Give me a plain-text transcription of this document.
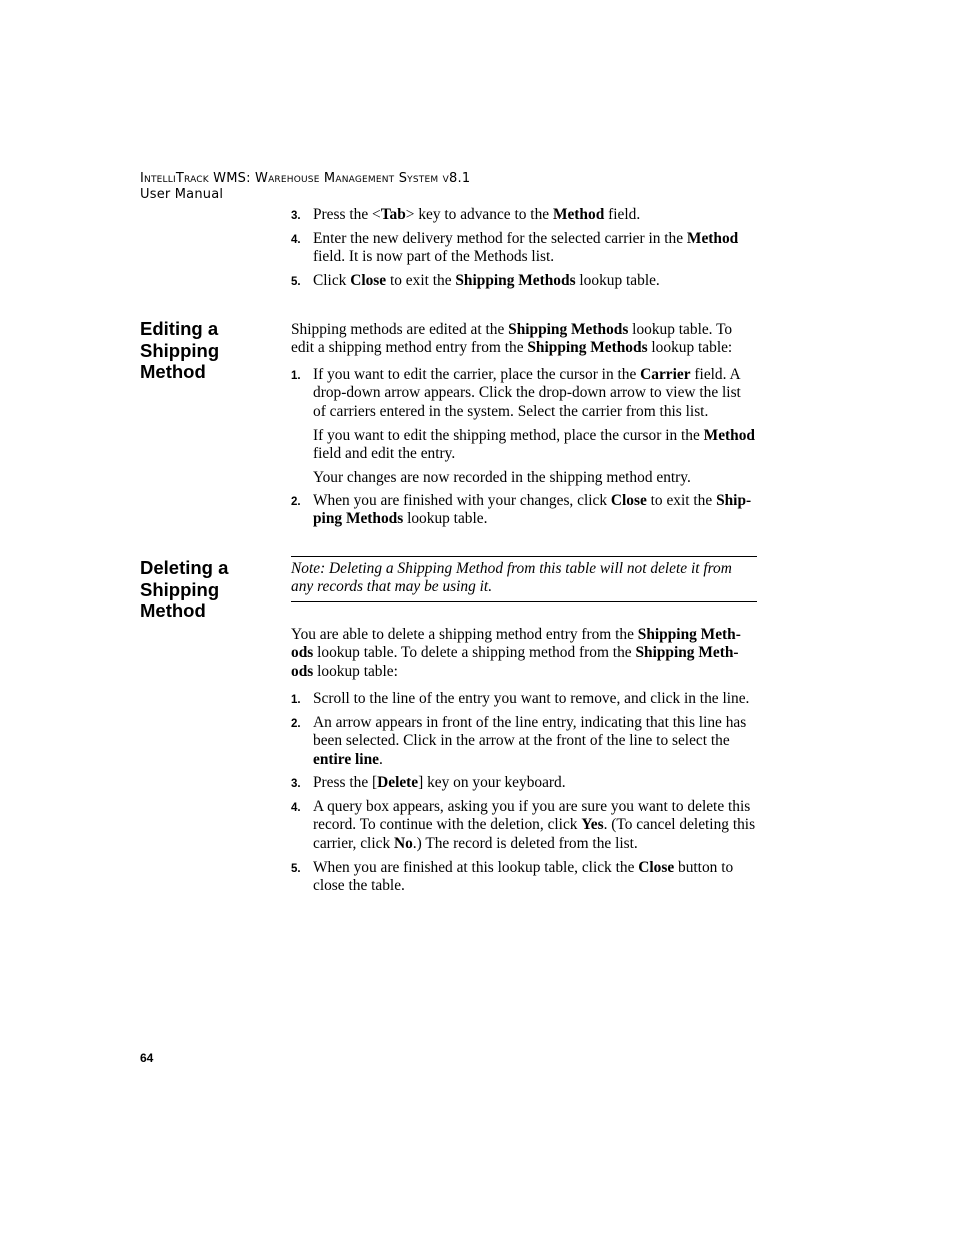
IntelliTrack WMS: Warehouse Management System v8.1
User Manual
3. Press the <Tab> key to advance to the Method field.
4. Enter the new delivery method for the selected carrier in the Method field. It is now part of the Methods list.
5. Click Close to exit the Shipping Methods lookup table.
Editing a Shipping Method
Shipping methods are edited at the Shipping Methods lookup table. To edit a shipping method entry from the Shipping Methods lookup table:
1. If you want to edit the carrier, place the cursor in the Carrier field. A drop-down arrow appears. Click the drop-down arrow to view the list of carriers entered in the system. Select the carrier from this list.
If you want to edit the shipping method, place the cursor in the Method field and edit the entry.
Your changes are now recorded in the shipping method entry.
2. When you are finished with your changes, click Close to exit the Ship-ping Methods lookup table.
Deleting a Shipping Method
Note: Deleting a Shipping Method from this table will not delete it from any records that may be using it.
You are able to delete a shipping method entry from the Shipping Meth-ods lookup table. To delete a shipping method from the Shipping Meth-ods lookup table:
1. Scroll to the line of the entry you want to remove, and click in the line.
2. An arrow appears in front of the line entry, indicating that this line has been selected. Click in the arrow at the front of the line to select the entire line.
3. Press the [Delete] key on your keyboard.
4. A query box appears, asking you if you are sure you want to delete this record. To continue with the deletion, click Yes. (To cancel deleting this carrier, click No.) The record is deleted from the list.
5. When you are finished at this lookup table, click the Close button to close the table.
64
